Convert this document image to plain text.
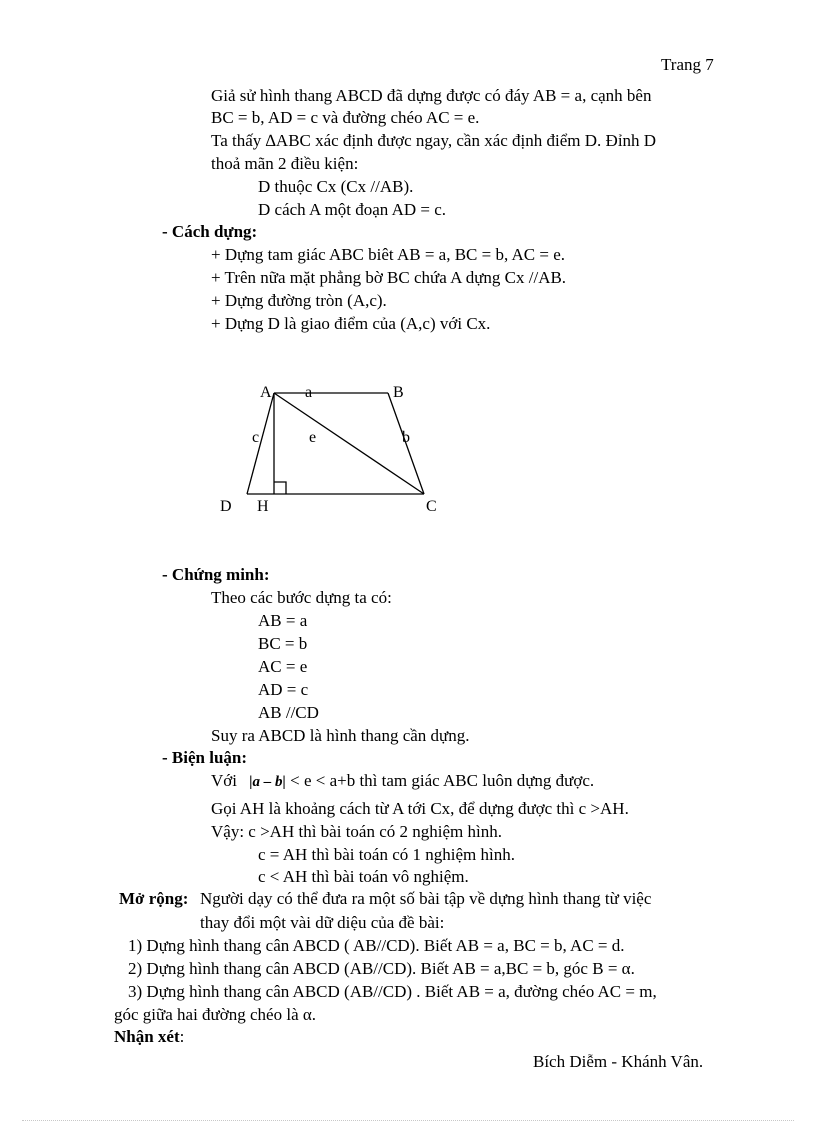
Trang 7
Giả sử hình thang ABCD đã dựng được có đáy AB = a, cạnh bên
BC = b, AD = c và đường chéo AC = e.
Ta thấy ∆ABC xác định được ngay, cần xác định điểm D. Đỉnh D
thoả mãn 2 điều kiện:
D thuộc Cx (Cx //AB).
D cách A một đoạn AD = c.
- Cách dựng:
+ Dựng tam giác ABC biêt AB = a, BC = b, AC = e.
+ Trên nữa mặt phẳng bờ BC chứa A dựng Cx //AB.
+ Dựng đường tròn (A,c).
+ Dựng D là giao điểm của (A,c) với Cx.
A	B
C
D H
a
b
c	e
- Chứng minh:
Theo các bước dựng ta có:
AB = a
BC = b
AC = e
AD = c
AB //CD
Suy ra ABCD là hình thang cần dựng.
- Biện luận:
Với |a – b| < e < a+b thì tam giác ABC luôn dựng được.
Gọi AH là khoảng cách từ A tới Cx, để dựng được thì c >AH.
Vậy: c >AH thì bài toán có 2 nghiệm hình.
c = AH thì bài toán có 1 nghiệm hình.
c < AH thì bài toán vô nghiệm.
Mở rộng: Người dạy có thể đưa ra một số bài tập về dựng hình thang từ việc
thay đổi một vài dữ diệu của đề bài:
1) Dựng hình thang cân ABCD ( AB//CD). Biết AB = a, BC = b, AC = d.
2) Dựng hình thang cân ABCD (AB//CD). Biết AB = a,BC = b, góc B = α.
3) Dựng hình thang cân ABCD (AB//CD) . Biết AB = a, đường chéo AC = m,
góc giữa hai đường chéo là α.
Nhận xét:
Bích Diễm - Khánh Vân.
